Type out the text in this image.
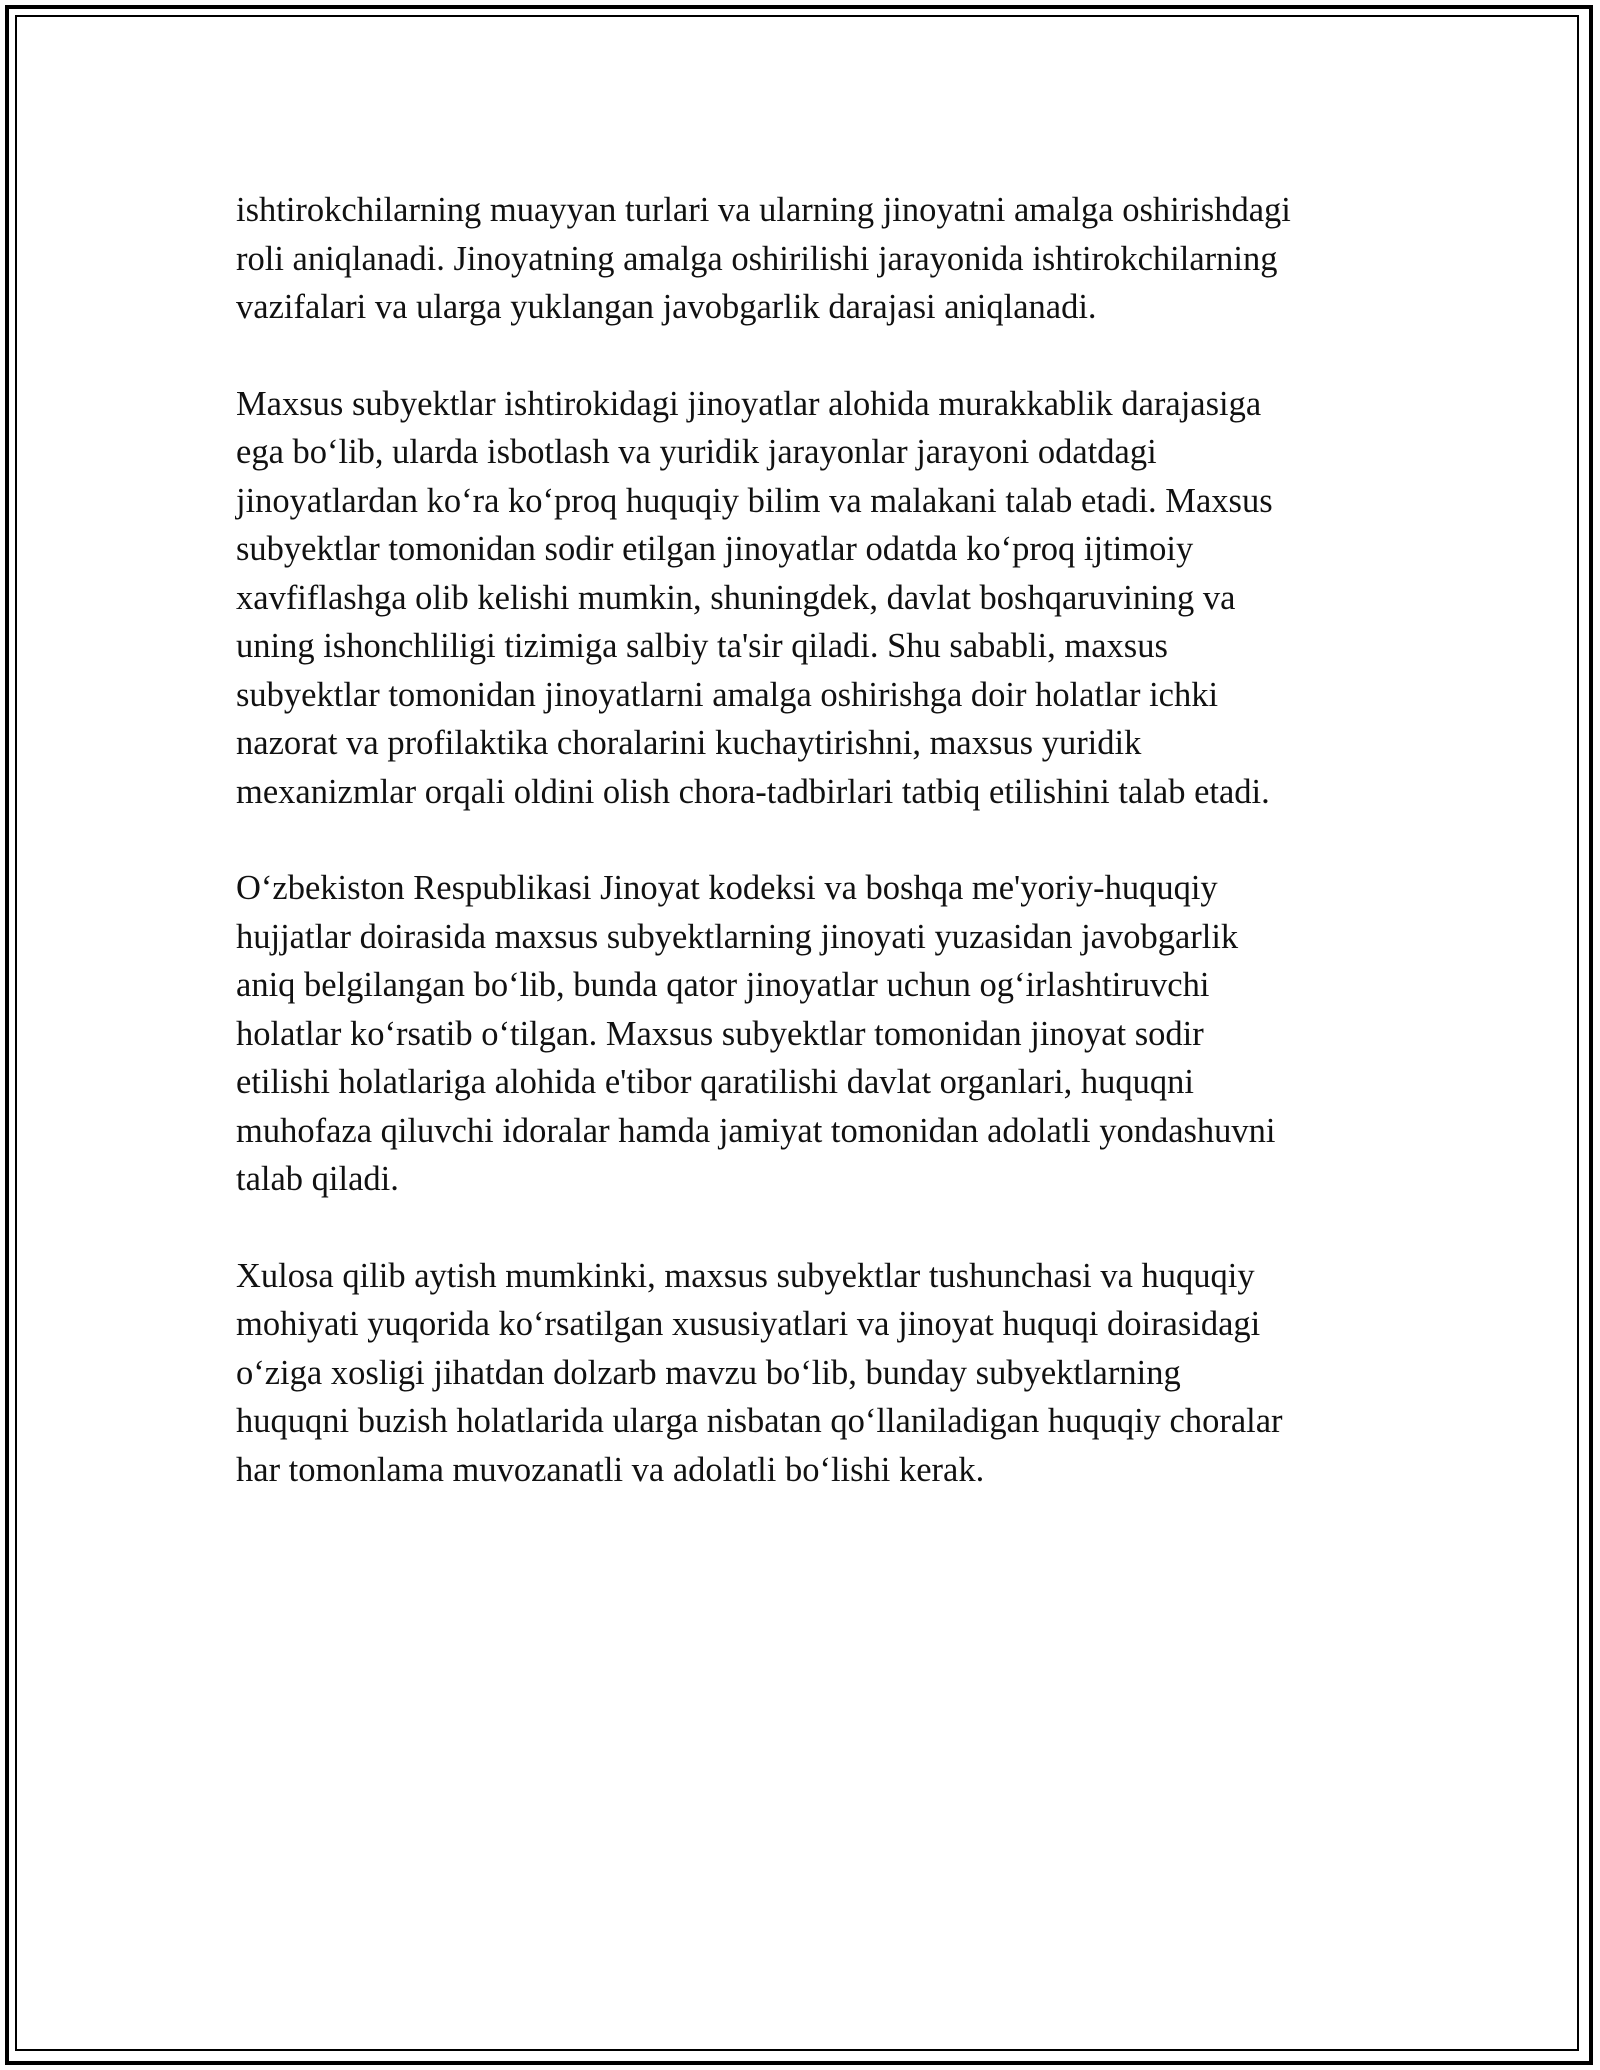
ishtirokchilarning muayyan turlari va ularning jinoyatni amalga oshirishdagi
roli aniqlanadi. Jinoyatning amalga oshirilishi jarayonida ishtirokchilarning
vazifalari va ularga yuklangan javobgarlik darajasi aniqlanadi.

Maxsus subyektlar ishtirokidagi jinoyatlar alohida murakkablik darajasiga
ega bo‘lib, ularda isbotlash va yuridik jarayonlar jarayoni odatdagi
jinoyatlardan ko‘ra ko‘proq huquqiy bilim va malakani talab etadi. Maxsus
subyektlar tomonidan sodir etilgan jinoyatlar odatda ko‘proq ijtimoiy
xavfiflashga olib kelishi mumkin, shuningdek, davlat boshqaruvining va
uning ishonchliligi tizimiga salbiy ta'sir qiladi. Shu sababli, maxsus
subyektlar tomonidan jinoyatlarni amalga oshirishga doir holatlar ichki
nazorat va profilaktika choralarini kuchaytirishni, maxsus yuridik
mexanizmlar orqali oldini olish chora-tadbirlari tatbiq etilishini talab etadi.

O‘zbekiston Respublikasi Jinoyat kodeksi va boshqa me'yoriy-huquqiy
hujjatlar doirasida maxsus subyektlarning jinoyati yuzasidan javobgarlik
aniq belgilangan bo‘lib, bunda qator jinoyatlar uchun og‘irlashtiruvchi
holatlar ko‘rsatib o‘tilgan. Maxsus subyektlar tomonidan jinoyat sodir
etilishi holatlariga alohida e'tibor qaratilishi davlat organlari, huquqni
muhofaza qiluvchi idoralar hamda jamiyat tomonidan adolatli yondashuvni
talab qiladi.

Xulosa qilib aytish mumkinki, maxsus subyektlar tushunchasi va huquqiy
mohiyati yuqorida ko‘rsatilgan xususiyatlari va jinoyat huquqi doirasidagi
o‘ziga xosligi jihatdan dolzarb mavzu bo‘lib, bunday subyektlarning
huquqni buzish holatlarida ularga nisbatan qo‘llaniladigan huquqiy choralar
har tomonlama muvozanatli va adolatli bo‘lishi kerak.
